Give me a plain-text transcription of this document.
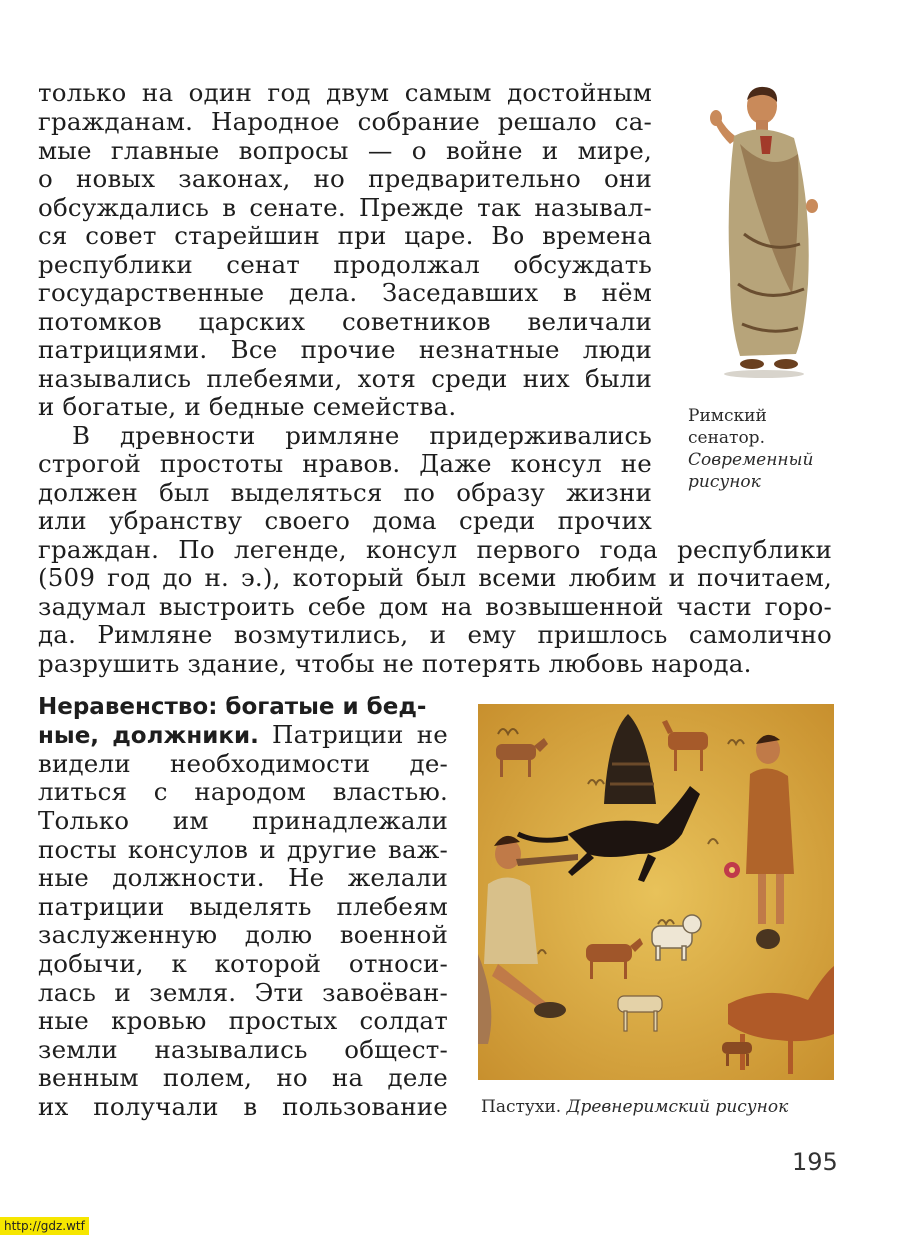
только на один год двум самым достойным
гражданам. Народное собрание решало са-
мые главные вопросы — о войне и мире,
о новых законах, но предварительно они
обсуждались в сенате. Прежде так называл-
ся совет старейшин при царе. Во времена
республики сенат продолжал обсуждать
государственные дела. Заседавших в нём
потомков царских советников величали
патрициями. Все прочие незнатные люди
назывались плебеями, хотя среди них были
и богатые, и бедные семейства.
В древности римляне придерживались
строгой простоты нравов. Даже консул не
должен был выделяться по образу жизни
или убранству своего дома среди прочих
граждан. По легенде, консул первого года республики
(509 год до н. э.), который был всеми любим и почитаем,
задумал выстроить себе дом на возвышенной части горо-
да. Римляне возмутились, и ему пришлось самолично
разрушить здание, чтобы не потерять любовь народа.
Римский
сенатор.
Современный
рисунок
Неравенство: богатые и бед-
ные, должники. Патриции не
видели необходимости де-
литься с народом властью.
Только им принадлежали
посты консулов и другие важ-
ные должности. Не желали
патриции выделять плебеям
заслуженную долю военной
добычи, к которой относи-
лась и земля. Эти завоёван-
ные кровью простых солдат
земли назывались общест-
венным полем, но на деле
их получали в пользование Пастухи. Древнеримский рисунок
195
http://gdz.wtf
